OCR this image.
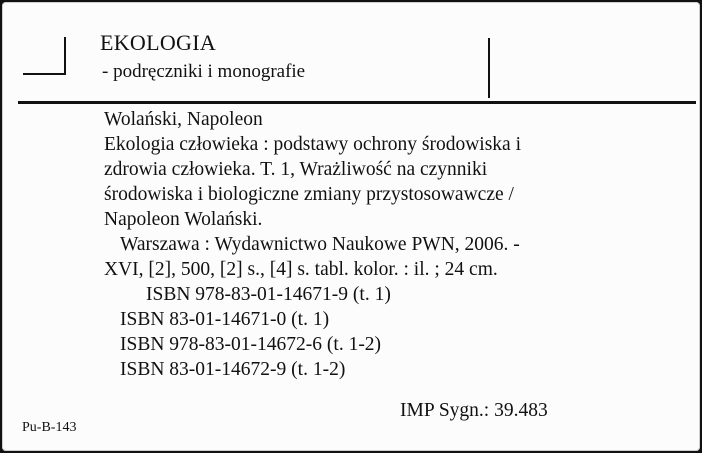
EKOLOGIA
- podręczniki i monografie
Wolański, Napoleon
Ekologia człowieka : podstawy ochrony środowiska i
zdrowia człowieka. T. 1, Wrażliwość na czynniki
środowiska i biologiczne zmiany przystosowawcze /
Napoleon Wolański.
Warszawa : Wydawnictwo Naukowe PWN, 2006. -
XVI, [2], 500, [2] s., [4] s. tabl. kolor. : il. ; 24 cm.
ISBN 978-83-01-14671-9 (t. 1)
ISBN 83-01-14671-0 (t. 1)
ISBN 978-83-01-14672-6 (t. 1-2)
ISBN 83-01-14672-9 (t. 1-2)
IMP Sygn.: 39.483
Pu-B-143
